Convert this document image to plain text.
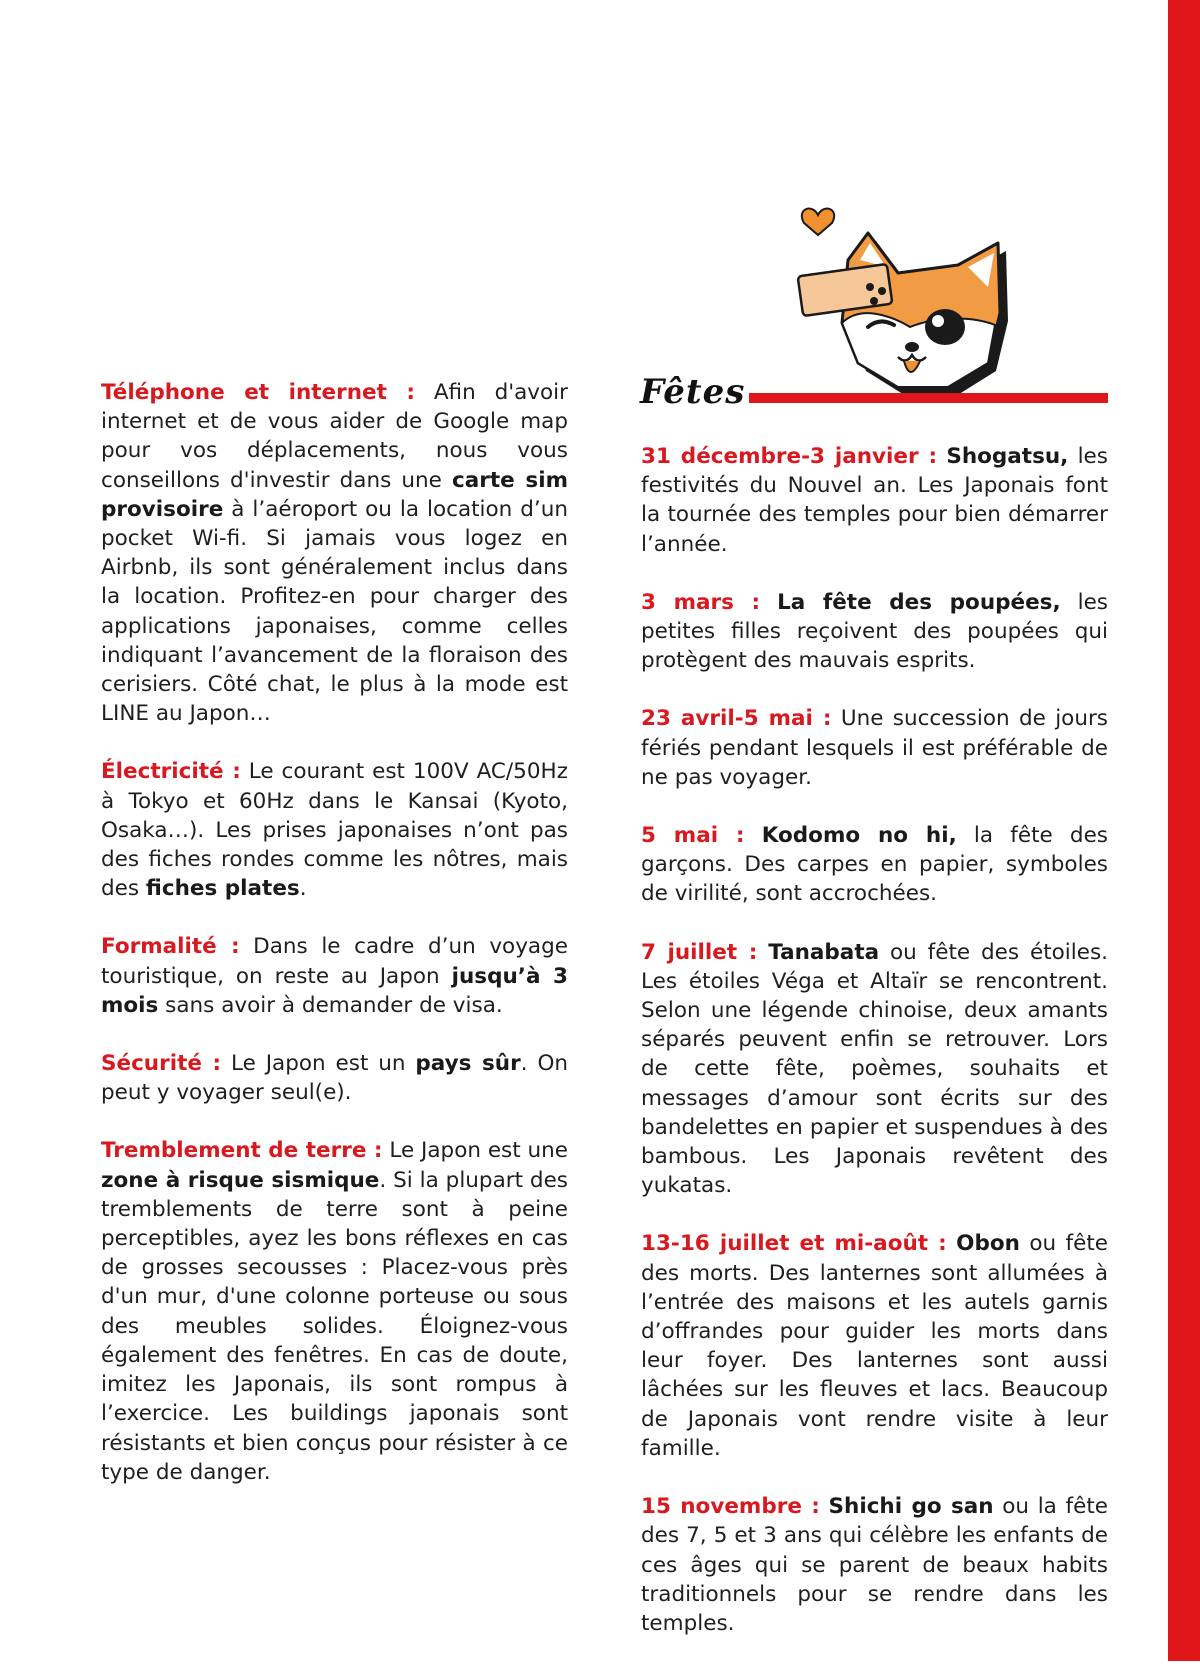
Téléphone et internet : Afin d'avoir internet et de vous aider de Google map pour vos déplacements, nous vous conseillons d'investir dans une carte sim provisoire à l’aéroport ou la location d’un pocket Wi-fi. Si jamais vous logez en Airbnb, ils sont généralement inclus dans la location. Profitez-en pour charger des applications japonaises, comme celles indiquant l’avancement de la floraison des cerisiers. Côté chat, le plus à la mode est LINE au Japon…
Électricité : Le courant est 100V AC/50Hz à Tokyo et 60Hz dans le Kansai (Kyoto, Osaka…). Les prises japonaises n’ont pas des fiches rondes comme les nôtres, mais des fiches plates.
Formalité : Dans le cadre d’un voyage touristique, on reste au Japon jusqu’à 3 mois sans avoir à demander de visa.
Sécurité : Le Japon est un pays sûr. On peut y voyager seul(e).
Tremblement de terre : Le Japon est une zone à risque sismique. Si la plupart des tremblements de terre sont à peine perceptibles, ayez les bons réflexes en cas de grosses secousses : Placez-vous près d'un mur, d'une colonne porteuse ou sous des meubles solides. Éloignez-vous également des fenêtres. En cas de doute, imitez les Japonais, ils sont rompus à l’exercice. Les buildings japonais sont résistants et bien conçus pour résister à ce type de danger.
Fêtes
31 décembre-3 janvier : Shogatsu, les festivités du Nouvel an. Les Japonais font la tournée des temples pour bien démarrer l’année.
3 mars : La fête des poupées, les petites filles reçoivent des poupées qui protègent des mauvais esprits.
23 avril-5 mai : Une succession de jours fériés pendant lesquels il est préférable de ne pas voyager.
5 mai : Kodomo no hi, la fête des garçons. Des carpes en papier, symboles de virilité, sont accrochées.
7 juillet : Tanabata ou fête des étoiles. Les étoiles Véga et Altaïr se rencontrent. Selon une légende chinoise, deux amants séparés peuvent enfin se retrouver. Lors de cette fête, poèmes, souhaits et messages d’amour sont écrits sur des bandelettes en papier et suspendues à des bambous. Les Japonais revêtent des yukatas.
13-16 juillet et mi-août : Obon ou fête des morts. Des lanternes sont allumées à l’entrée des maisons et les autels garnis d’offrandes pour guider les morts dans leur foyer. Des lanternes sont aussi lâchées sur les fleuves et lacs. Beaucoup de Japonais vont rendre visite à leur famille.
15 novembre : Shichi go san ou la fête des 7, 5 et 3 ans qui célèbre les enfants de ces âges qui se parent de beaux habits traditionnels pour se rendre dans les temples.
